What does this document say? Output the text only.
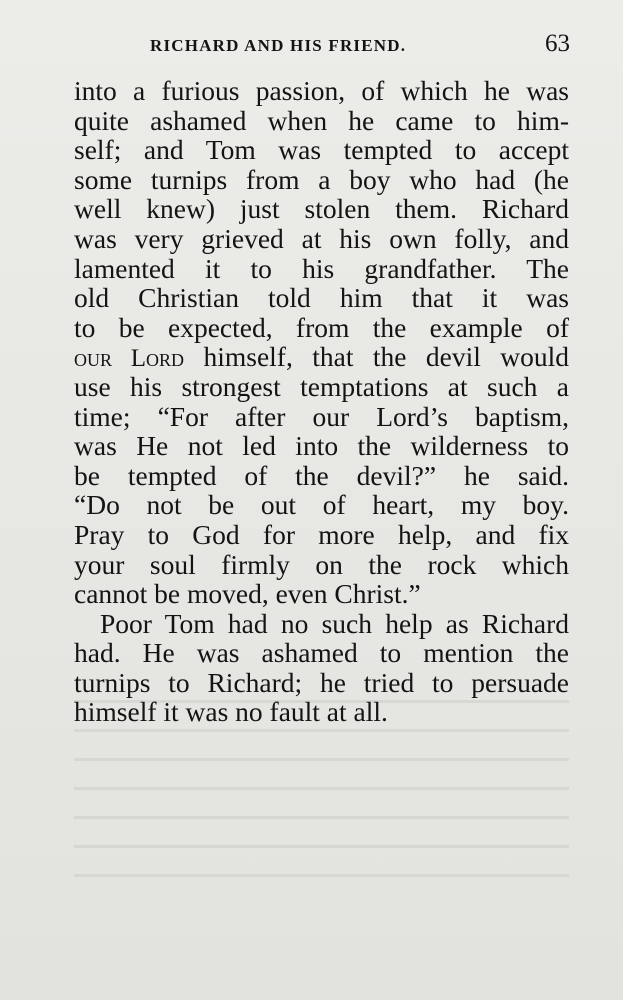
RICHARD AND HIS FRIEND.	63
into a furious passion, of which he was
quite ashamed when he came to him-
self; and Tom was tempted to accept
some turnips from a boy who had (he
well knew) just stolen them. Richard
was very grieved at his own folly, and
lamented it to his grandfather. The
old Christian told him that it was
to be expected, from the example of
our Lord himself, that the devil would
use his strongest temptations at such a
time; “For after our Lord’s baptism,
was He not led into the wilderness to
be tempted of the devil?” he said.
“Do not be out of heart, my boy.
Pray to God for more help, and fix
your soul firmly on the rock which
cannot be moved, even Christ.”
Poor Tom had no such help as Richard
had. He was ashamed to mention the
turnips to Richard; he tried to persuade
himself it was no fault at all.
